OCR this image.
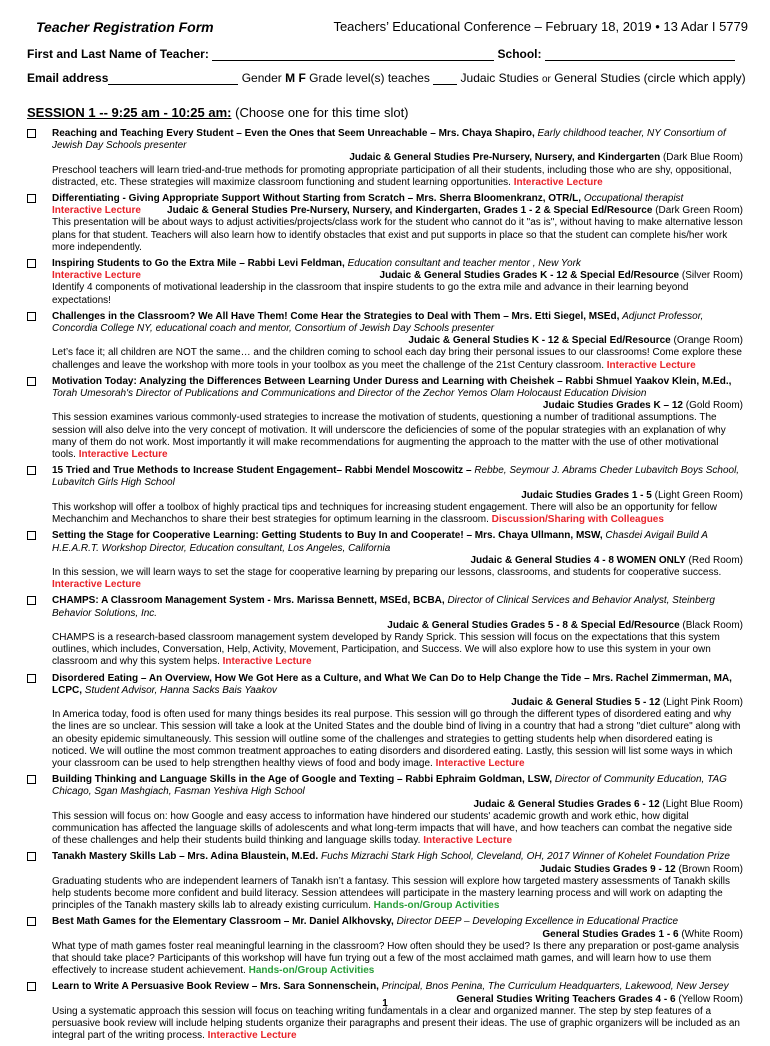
Teacher Registration Form	Teachers’ Educational Conference – February 18, 2019 • 13 Adar I 5779
First and Last Name of Teacher:	School:
Email address	Gender M F Grade level(s) teaches	Judaic Studies or General Studies (circle which apply)
SESSION 1 -- 9:25 am - 10:25 am: (Choose one for this time slot)
Reaching and Teaching Every Student – Even the Ones that Seem Unreachable – Mrs. Chaya Shapiro, Early childhood teacher, NY Consortium of Jewish Day Schools presenter
Judaic & General Studies Pre-Nursery, Nursery, and Kindergarten (Dark Blue Room)
Preschool teachers will learn tried-and-true methods for promoting appropriate participation of all their students, including those who are shy, oppositional, distracted, etc. These strategies will maximize classroom functioning and student learning opportunities. Interactive Lecture
Differentiating - Giving Appropriate Support Without Starting from Scratch – Mrs. Sherra Bloomenkranz, OTR/L, Occupational therapist
Interactive Lecture	Judaic & General Studies Pre-Nursery, Nursery, and Kindergarten, Grades 1 - 2 & Special Ed/Resource (Dark Green Room)
This presentation will be about ways to adjust activities/projects/class work for the student who cannot do it "as is", without having to make alternative lesson plans for that student. Teachers will also learn how to identify obstacles that exist and put supports in place so that the student can complete his/her work more independently.
Inspiring Students to Go the Extra Mile – Rabbi Levi Feldman, Education consultant and teacher mentor , New York
Interactive Lecture	Judaic & General Studies Grades K - 12 & Special Ed/Resource (Silver Room)
Identify 4 components of motivational leadership in the classroom that inspire students to go the extra mile and advance in their learning beyond expectations!
Challenges in the Classroom? We All Have Them! Come Hear the Strategies to Deal with Them – Mrs. Etti Siegel, MSEd, Adjunct Professor, Concordia College NY, educational coach and mentor, Consortium of Jewish Day Schools presenter
Judaic & General Studies K - 12 & Special Ed/Resource (Orange Room)
Let’s face it; all children are NOT the same… and the children coming to school each day bring their personal issues to our classrooms! Come explore these challenges and leave the workshop with more tools in your toolbox as you meet the challenge of the 21st Century classroom. Interactive Lecture
Motivation Today: Analyzing the Differences Between Learning Under Duress and Learning with Cheishek – Rabbi Shmuel Yaakov Klein, M.Ed., Torah Umesorah's Director of Publications and Communications and Director of the Zechor Yemos Olam Holocaust Education Division
Judaic Studies Grades K – 12 (Gold Room)
This session examines various commonly-used strategies to increase the motivation of students, questioning a number of traditional assumptions. The session will also delve into the very concept of motivation. It will underscore the deficiencies of some of the popular strategies with an explanation of why many of them do not work. Most importantly it will make recommendations for augmenting the approach to the matter with the use of other motivational tools. Interactive Lecture
15 Tried and True Methods to Increase Student Engagement– Rabbi Mendel Moscowitz – Rebbe, Seymour J. Abrams Cheder Lubavitch Boys School, Lubavitch Girls High School
Judaic Studies Grades 1 - 5 (Light Green Room)
This workshop will offer a toolbox of highly practical tips and techniques for increasing student engagement. There will also be an opportunity for fellow Mechanchim and Mechanchos to share their best strategies for optimum learning in the classroom. Discussion/Sharing with Colleagues
Setting the Stage for Cooperative Learning: Getting Students to Buy In and Cooperate! – Mrs. Chaya Ullmann, MSW, Chasdei Avigail Build A H.E.A.R.T. Workshop Director, Education consultant, Los Angeles, California
Judaic & General Studies 4 - 8 WOMEN ONLY (Red Room)
In this session, we will learn ways to set the stage for cooperative learning by preparing our lessons, classrooms, and students for cooperative success. Interactive Lecture
CHAMPS: A Classroom Management System - Mrs. Marissa Bennett, MSEd, BCBA, Director of Clinical Services and Behavior Analyst, Steinberg Behavior Solutions, Inc.
Judaic & General Studies Grades 5 - 8 & Special Ed/Resource (Black Room)
CHAMPS is a research-based classroom management system developed by Randy Sprick. This session will focus on the expectations that this system outlines, which includes, Conversation, Help, Activity, Movement, Participation, and Success. We will also explore how to use this system in your own classroom and why this system helps. Interactive Lecture
Disordered Eating – An Overview, How We Got Here as a Culture, and What We Can Do to Help Change the Tide – Mrs. Rachel Zimmerman, MA, LCPC, Student Advisor, Hanna Sacks Bais Yaakov
Judaic & General Studies 5 - 12 (Light Pink Room)
In America today, food is often used for many things besides its real purpose. This session will go through the different types of disordered eating and why the lines are so unclear. This session will take a look at the United States and the double bind of living in a country that had a strong "diet culture" along with an obesity epidemic simultaneously. This session will outline some of the challenges and strategies to getting students help when disordered eating is noticed. We will outline the most common treatment approaches to eating disorders and disordered eating. Lastly, this session will list some ways in which your classroom can be used to help strengthen healthy views of food and body image. Interactive Lecture
Building Thinking and Language Skills in the Age of Google and Texting – Rabbi Ephraim Goldman, LSW, Director of Community Education, TAG Chicago, Sgan Mashgiach, Fasman Yeshiva High School
Judaic & General Studies Grades 6 - 12 (Light Blue Room)
This session will focus on: how Google and easy access to information have hindered our students' academic growth and work ethic, how digital communication has affected the language skills of adolescents and what long-term impacts that will have, and how teachers can combat the negative side of these challenges and help their students build thinking and language skills today. Interactive Lecture
Tanakh Mastery Skills Lab – Mrs. Adina Blaustein, M.Ed. Fuchs Mizrachi Stark High School, Cleveland, OH, 2017 Winner of Kohelet Foundation Prize
Judaic Studies Grades 9 - 12 (Brown Room)
Graduating students who are independent learners of Tanakh isn’t a fantasy. This session will explore how targeted mastery assessments of Tanakh skills help students become more confident and build literacy. Session attendees will participate in the mastery learning process and will work on adapting the principles of the Tanakh mastery skills lab to already existing curriculum. Hands-on/Group Activities
Best Math Games for the Elementary Classroom – Mr. Daniel Alkhovsky, Director DEEP – Developing Excellence in Educational Practice
General Studies Grades 1 - 6 (White Room)
What type of math games foster real meaningful learning in the classroom? How often should they be used? Is there any preparation or post-game analysis that should take place? Participants of this workshop will have fun trying out a few of the most acclaimed math games, and will learn how to use them effectively to increase student achievement. Hands-on/Group Activities
Learn to Write A Persuasive Book Review – Mrs. Sara Sonnenschein, Principal, Bnos Penina, The Curriculum Headquarters, Lakewood, New Jersey
General Studies Writing Teachers Grades 4 - 6 (Yellow Room)
Using a systematic approach this session will focus on teaching writing fundamentals in a clear and organized manner. The step by step features of a persuasive book review will include helping students organize their paragraphs and present their ideas. The use of graphic organizers will be included as an integral part of the writing process. Interactive Lecture
1
